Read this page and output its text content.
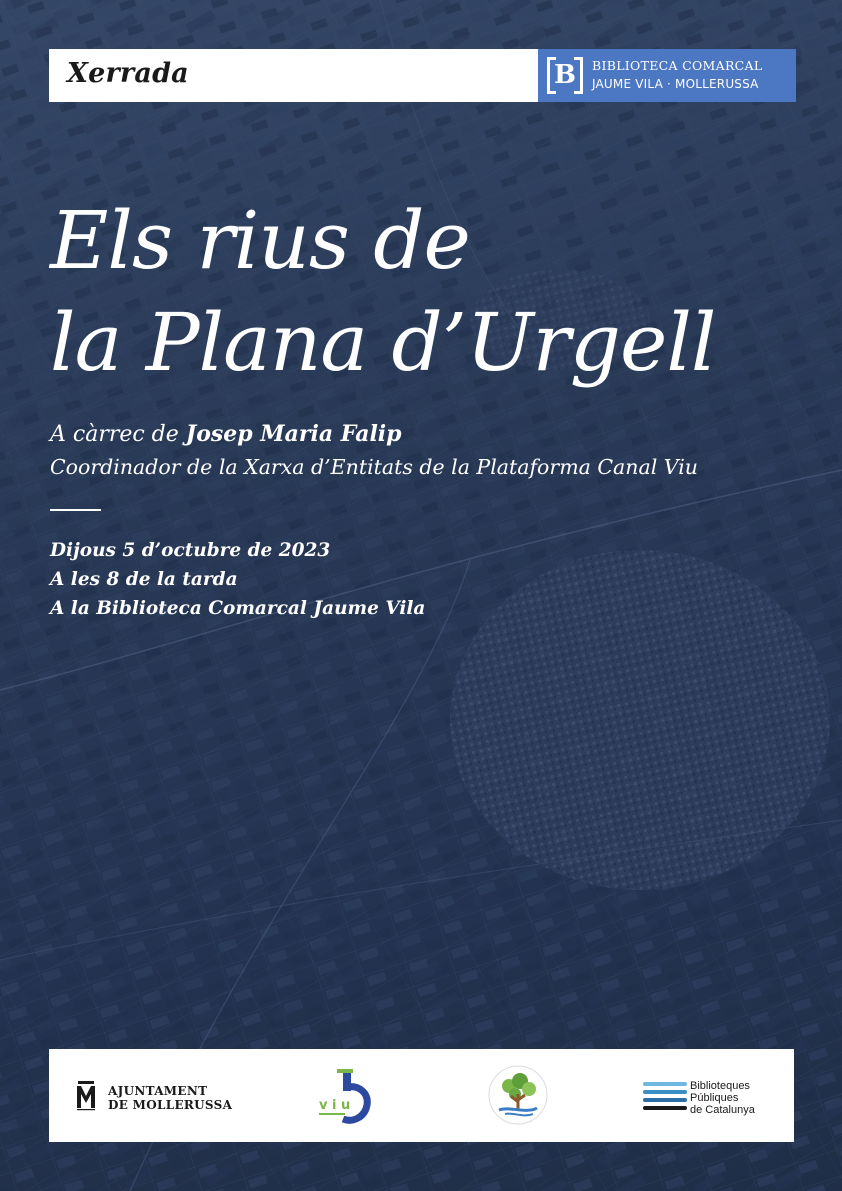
Xerrada	B	BIBLIOTECA COMARCAL
JAUME VILA · MOLLERUSSA
Els rius de
la Plana d’Urgell
A càrrec de Josep Maria Falip
Coordinador de la Xarxa d’Entitats de la Plataforma Canal Viu
Dijous 5 d’octubre de 2023
A les 8 de la tarda
A la Biblioteca Comarcal Jaume Vila
AJUNTAMENT
DE MOLLERUSSA	v i u
Biblioteques
Públiques
de Catalunya
